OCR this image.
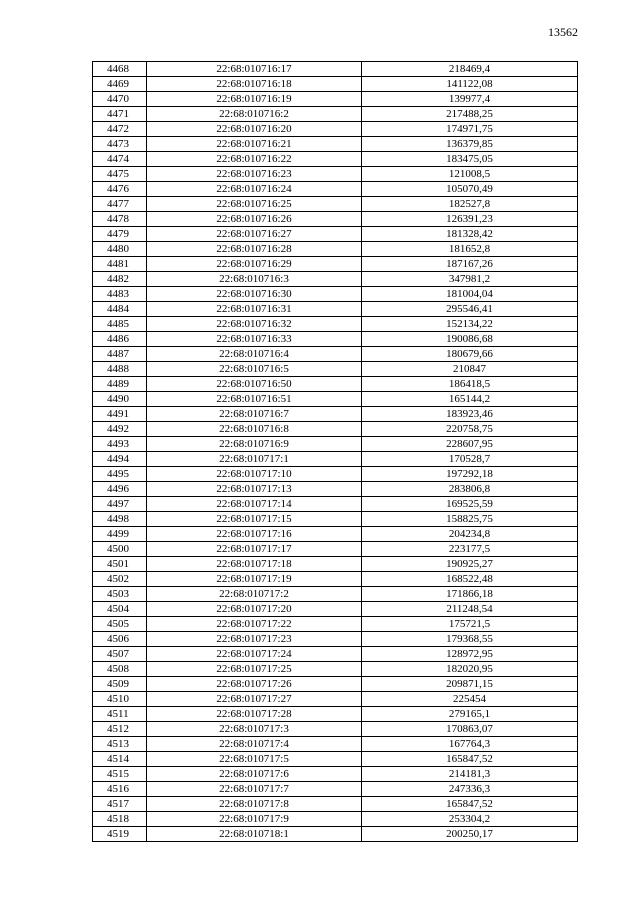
13562
4468	22:68:010716:17	218469,4
4469	22:68:010716:18	141122,08
4470	22:68:010716:19	139977,4
4471	22:68:010716:2	217488,25
4472	22:68:010716:20	174971,75
4473	22:68:010716:21	136379,85
4474	22:68:010716:22	183475,05
4475	22:68:010716:23	121008,5
4476	22:68:010716:24	105070,49
4477	22:68:010716:25	182527,8
4478	22:68:010716:26	126391,23
4479	22:68:010716:27	181328,42
4480	22:68:010716:28	181652,8
4481	22:68:010716:29	187167,26
4482	22:68:010716:3	347981,2
4483	22:68:010716:30	181004,04
4484	22:68:010716:31	295546,41
4485	22:68:010716:32	152134,22
4486	22:68:010716:33	190086,68
4487	22:68:010716:4	180679,66
4488	22:68:010716:5	210847
4489	22:68:010716:50	186418,5
4490	22:68:010716:51	165144,2
4491	22:68:010716:7	183923,46
4492	22:68:010716:8	220758,75
4493	22:68:010716:9	228607,95
4494	22:68:010717:1	170528,7
4495	22:68:010717:10	197292,18
4496	22:68:010717:13	283806,8
4497	22:68:010717:14	169525,59
4498	22:68:010717:15	158825,75
4499	22:68:010717:16	204234,8
4500	22:68:010717:17	223177,5
4501	22:68:010717:18	190925,27
4502	22:68:010717:19	168522,48
4503	22:68:010717:2	171866,18
4504	22:68:010717:20	211248,54
4505	22:68:010717:22	175721,5
4506	22:68:010717:23	179368,55
4507	22:68:010717:24	128972,95
4508	22:68:010717:25	182020,95
4509	22:68:010717:26	209871,15
4510	22:68:010717:27	225454
4511	22:68:010717:28	279165,1
4512	22:68:010717:3	170863,07
4513	22:68:010717:4	167764,3
4514	22:68:010717:5	165847,52
4515	22:68:010717:6	214181,3
4516	22:68:010717:7	247336,3
4517	22:68:010717:8	165847,52
4518	22:68:010717:9	253304,2
4519	22:68:010718:1	200250,17
